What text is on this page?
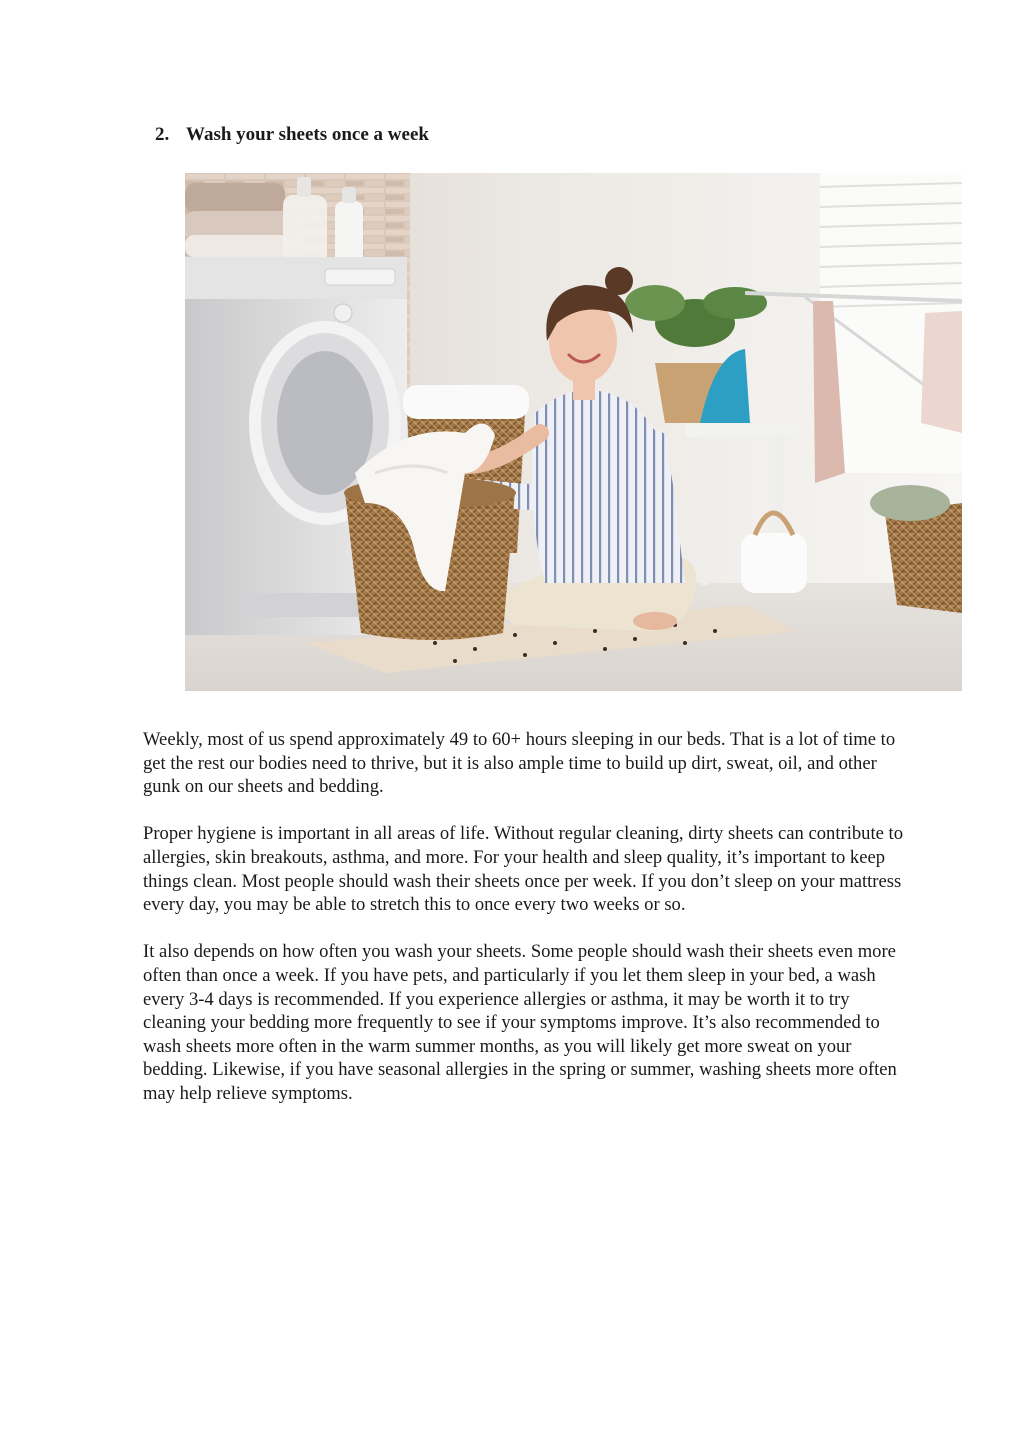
2. Wash your sheets once a week

Weekly, most of us spend approximately 49 to 60+ hours sleeping in our beds. That is a lot of time to get the rest our bodies need to thrive, but it is also ample time to build up dirt, sweat, oil, and other gunk on our sheets and bedding.

Proper hygiene is important in all areas of life. Without regular cleaning, dirty sheets can contribute to allergies, skin breakouts, asthma, and more. For your health and sleep quality, it’s important to keep things clean. Most people should wash their sheets once per week. If you don’t sleep on your mattress every day, you may be able to stretch this to once every two weeks or so.

It also depends on how often you wash your sheets. Some people should wash their sheets even more often than once a week. If you have pets, and particularly if you let them sleep in your bed, a wash every 3-4 days is recommended. If you experience allergies or asthma, it may be worth it to try cleaning your bedding more frequently to see if your symptoms improve. It’s also recommended to wash sheets more often in the warm summer months, as you will likely get more sweat on your bedding. Likewise, if you have seasonal allergies in the spring or summer, washing sheets more often may help relieve symptoms.
